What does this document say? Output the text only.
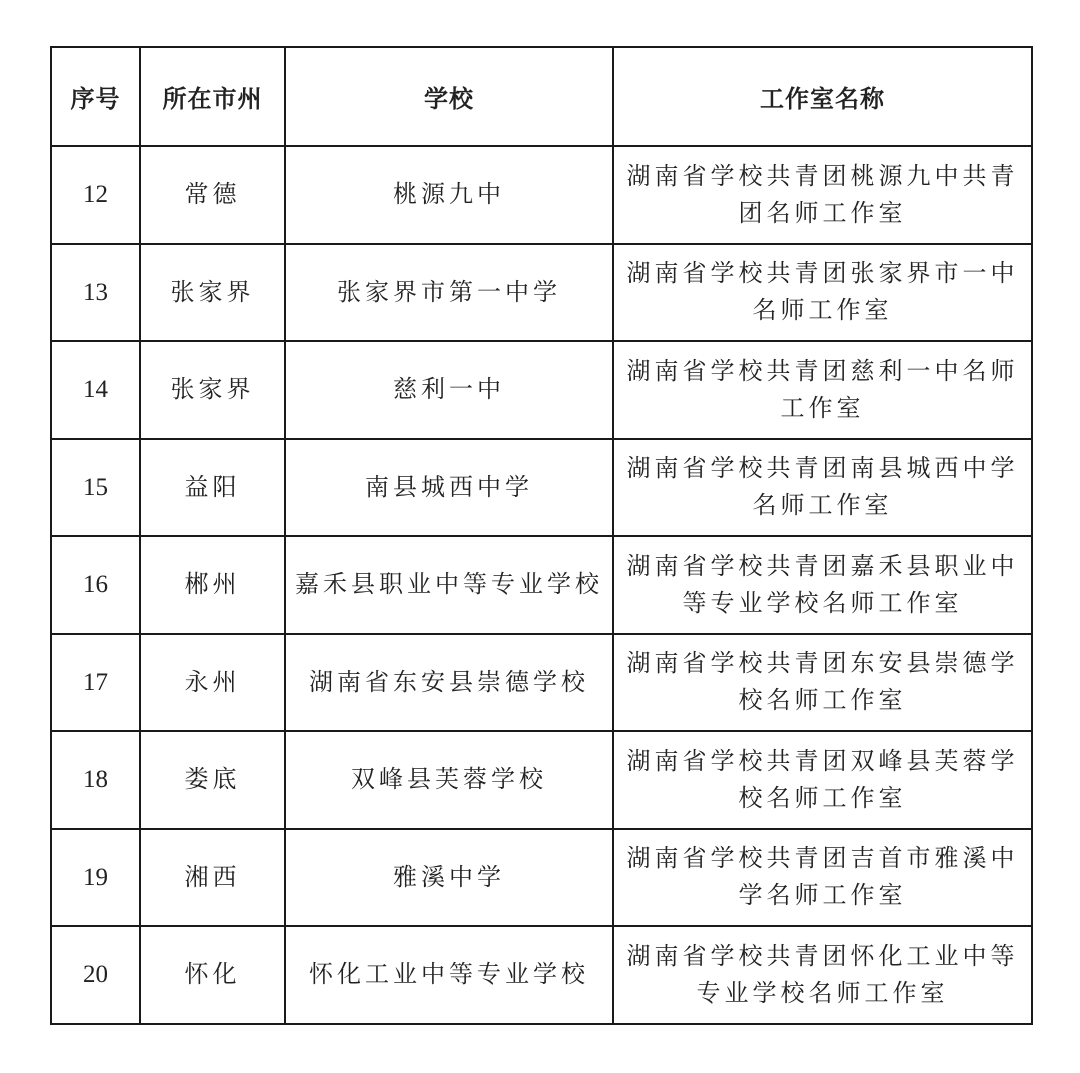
序号	所在市州	学校	工作室名称
12	常德	桃源九中	湖南省学校共青团桃源九中共青团名师工作室
13	张家界	张家界市第一中学	湖南省学校共青团张家界市一中名师工作室
14	张家界	慈利一中	湖南省学校共青团慈利一中名师工作室
15	益阳	南县城西中学	湖南省学校共青团南县城西中学名师工作室
16	郴州	嘉禾县职业中等专业学校	湖南省学校共青团嘉禾县职业中等专业学校名师工作室
17	永州	湖南省东安县崇德学校	湖南省学校共青团东安县崇德学校名师工作室
18	娄底	双峰县芙蓉学校	湖南省学校共青团双峰县芙蓉学校名师工作室
19	湘西	雅溪中学	湖南省学校共青团吉首市雅溪中学名师工作室
20	怀化	怀化工业中等专业学校	湖南省学校共青团怀化工业中等专业学校名师工作室
